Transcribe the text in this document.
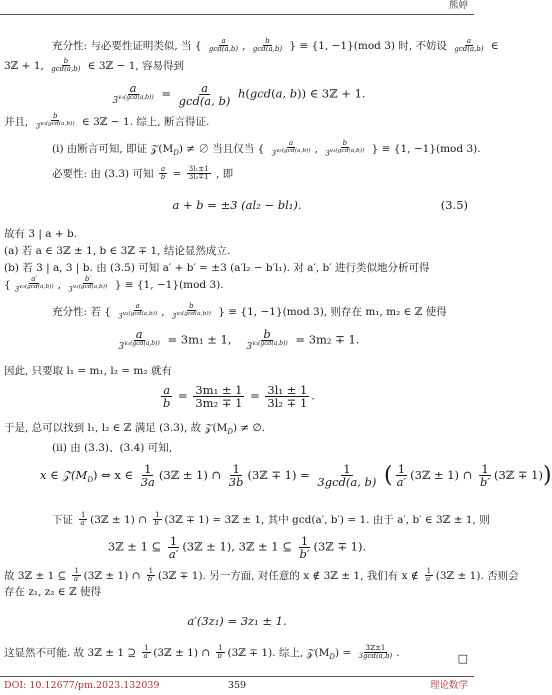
熊婷
充分性: 与必要性证明类似, 当 { $\frac{a}{\gcd(a,b)}$ , $\frac{b}{\gcd(a,b)}$ } ≡ {1, −1}(mod 3) 时, 不妨设 $\frac{a}{\gcd(a,b)}$ ∈
3ℤ + 1, $\frac{b}{\gcd(a,b)}$ ∈ 3ℤ − 1, 容易得到
$\frac{a}{3^{v_3(gcd(a,b))}} = \frac{a}{\gcd(a, b)} h(\gcd(a$, b)) ∈ 3ℤ + 1.
并且, $\frac{b}{3^{v_3(gcd(a,b))}}$ ∈ 3ℤ − 1. 综上, 断言得证.
(i) 由断言可知, 即证 $𝒵(M_D)$ ≠ ∅ 当且仅当 { $\frac{a}{3^{v_3(gcd(a,b))}}$ , $\frac{b}{3^{v_3(gcd(a,b))}}$ } ≡ {1, −1}(mod 3).
必要性: 由 (3.3) 可知 $\frac{a}{b} = \frac{\text{3l₁±1}}{\text{3l₂∓1}}$ , 即
a + b = ±3 (al₂ − bl₁).	(3.5)
故有 3 | a + b.
(a) 若 a ∈ 3ℤ ± 1, b ∈ 3ℤ ∓ 1, 结论显然成立.
(b) 若 3 | a, 3 | b. 由 (3.5) 可知 a′ + b′ = ±3 (a′l₂ − b′l₁). 对 a′, b′ 进行类似地分析可得
{ $\frac{a'}{3^{v_3(gcd(a,b))}}$ , $\frac{b'}{3^{v_3(gcd(a,b))}}$ } ≡ {1, −1}(mod 3).
充分性: 若 { $\frac{a}{3^{v_3(gcd(a,b))}}$ , $\frac{b}{3^{v_3(gcd(a,b))}}$ } ≡ {1, −1}(mod 3), 则存在 m₁, m₂ ∈ ℤ 使得
$\frac{a}{3^{v_3(gcd(a,b))}} = 3m_1 \pm 1$, $\frac{b}{3^{v_3(gcd(a,b))}} = 3m_2 \mp 1$.
因此, 只要取 l₁ = m₁, l₂ = m₂ 就有
$\frac{a}{b} = \frac{\text{3m₁ ± 1}}{\text{3m₂ ∓ 1}} = \frac{\text{3l₁ ± 1}}{\text{3l₂ ∓ 1}}$ .
于是, 总可以找到 l₁, l₂ ∈ ℤ 满足 (3.3), 故 $𝒵(M_D)$ ≠ ∅.
(ii) 由 (3.3)、(3.4) 可知,
x ∈ $𝒵(M_D)$ ⇔ x ∈ $\frac{1}{3a}$ (3ℤ ± 1) ∩ $\frac{1}{3b}$ (3ℤ ∓ $1) = \frac{1}{3\gcd(a, b)}$ ( $\frac{1}{a'}$ (3ℤ ± 1) ∩ $\frac{1}{b'}$ (3ℤ ∓ 1))
下证 $\frac{1}{a'}$ (3ℤ ± 1) ∩ $\frac{1}{b'}$ (3ℤ ∓ 1) = 3ℤ ± 1, 其中 gcd(a′, b′) = 1. 由于 a′, b′ ∈ 3ℤ ± 1, 则
3ℤ ± 1 ⊆ $\frac{1}{a'}$ (3ℤ ± 1), 3ℤ ± 1 ⊆ $\frac{1}{b'}$ (3ℤ ∓ 1).
故 3ℤ ± 1 ⊆ $\frac{1}{a'}$ (3ℤ ± 1) ∩ $\frac{1}{b'}$ (3ℤ ∓ 1). 另一方面, 对任意的 x ∉ 3ℤ ± 1, 我们有 x ∉ $\frac{1}{a'}$ (3ℤ ± 1). 否则会
存在 z₁, z₂ ∈ ℤ 使得
a′(3z₁) = 3z₁ ± 1.
这显然不可能. 故 3ℤ ± 1 ⊇ $\frac{1}{a'}$ (3ℤ ± 1) ∩ $\frac{1}{b'}$ (3ℤ ∓ 1). 综上, $𝒵(M_D) = \frac{\text{3ℤ±1}}{3\gcd(a,b)}$ .	□
DOI: 10.12677/pm.2023.132039	359	理论数学
